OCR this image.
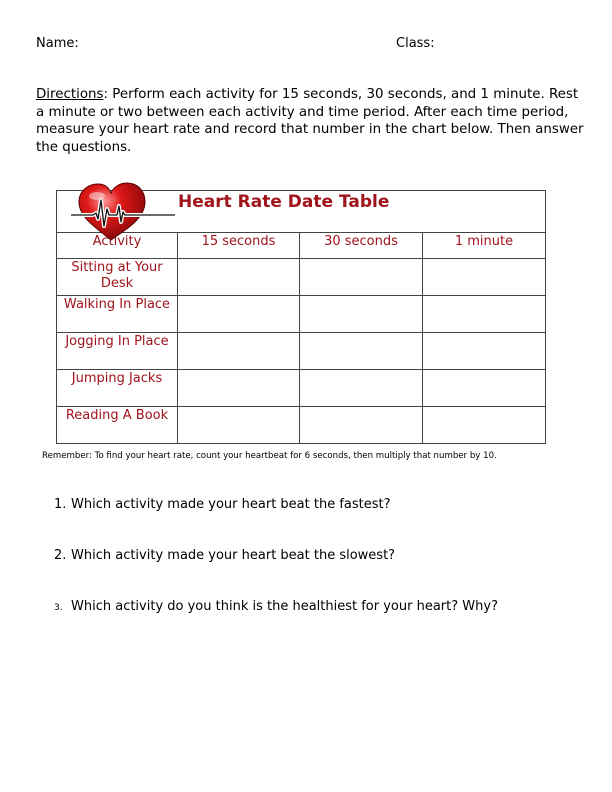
Name:	Class:
Directions: Perform each activity for 15 seconds, 30 seconds, and 1 minute. Rest a minute or two between each activity and time period. After each time period, measure your heart rate and record that number in the chart below. Then answer the questions.
Heart Rate Date Table			

Activity	15 seconds	30 seconds	1 minute
Sitting at Your Desk			
Walking In Place			
Jogging In Place			
Jumping Jacks			
Reading A Book			
Remember: To find your heart rate, count your heartbeat for 6 seconds, then multiply that number by 10.
1. Which activity made your heart beat the fastest?
2. Which activity made your heart beat the slowest?
3. Which activity do you think is the healthiest for your heart? Why?
